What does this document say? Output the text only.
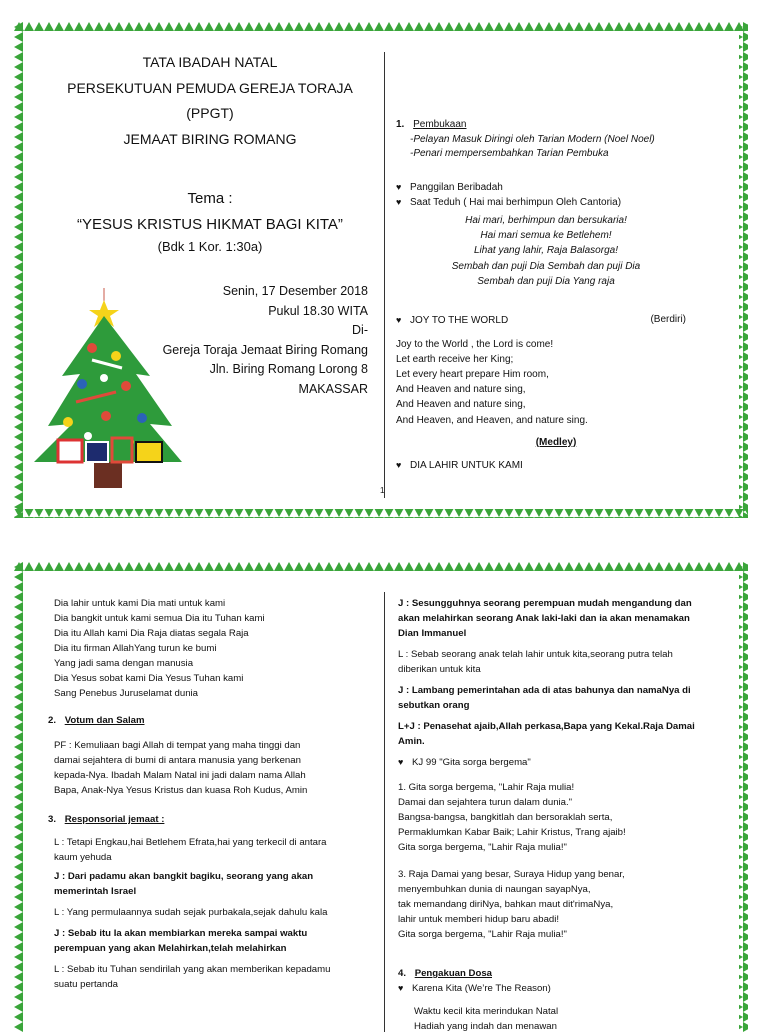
TATA IBADAH NATAL
PERSEKUTUAN PEMUDA GEREJA TORAJA
(PPGT)
JEMAAT BIRING ROMANG
Tema :
“YESUS KRISTUS HIKMAT BAGI KITA”
(Bdk 1 Kor. 1:30a)
Senin, 17 Desember 2018
Pukul 18.30 WITA
Di-
Gereja Toraja Jemaat Biring Romang
Jln. Biring Romang Lorong 8
MAKASSAR
1. Pembukaan
-Pelayan Masuk Diringi oleh Tarian Modern (Noel Noel)
-Penari mempersembahkan Tarian Pembuka
♥ Panggilan Beribadah
♥ Saat Teduh ( Hai mai berhimpun Oleh Cantoria)
Hai mari, berhimpun dan bersukaria!
Hai mari semua ke Betlehem!
Lihat yang lahir, Raja Balasorga!
Sembah dan puji Dia Sembah dan puji Dia
Sembah dan puji Dia Yang raja
♥ JOY TO THE WORLD	(Berdiri)
Joy to the World , the Lord is come!
Let earth receive her King;
Let every heart prepare Him room,
And Heaven and nature sing,
And Heaven and nature sing,
And Heaven, and Heaven, and nature sing.
(Medley)
♥ DIA LAHIR UNTUK KAMI
1
Dia lahir untuk kami Dia mati untuk kami
Dia bangkit untuk kami semua Dia itu Tuhan kami
Dia itu Allah kami Dia Raja diatas segala Raja
Dia itu firman AllahYang turun ke bumi
Yang jadi sama dengan manusia
Dia Yesus sobat kami Dia Yesus Tuhan kami
Sang Penebus Juruselamat dunia
2. Votum dan Salam
PF : Kemuliaan bagi Allah di tempat yang maha tinggi dan
damai sejahtera di bumi di antara manusia yang berkenan
kepada-Nya. Ibadah Malam Natal ini jadi dalam nama Allah
Bapa, Anak-Nya Yesus Kristus dan kuasa Roh Kudus, Amin
3. Responsorial jemaat :
L : Tetapi Engkau,hai Betlehem Efrata,hai yang terkecil di antara
kaum yehuda
J : Dari padamu akan bangkit bagiku, seorang yang akan
memerintah Israel
L : Yang permulaannya sudah sejak purbakala,sejak dahulu kala
J : Sebab itu Ia akan membiarkan mereka sampai waktu
perempuan yang akan Melahirkan,telah melahirkan
L : Sebab itu Tuhan sendirilah yang akan memberikan kepadamu
suatu pertanda
J : Sesungguhnya seorang perempuan mudah mengandung dan
akan melahirkan seorang Anak laki-laki dan ia akan menamakan
Dian Immanuel
L : Sebab seorang anak telah lahir untuk kita,seorang putra telah
diberikan untuk kita
J : Lambang pemerintahan ada di atas bahunya dan namaNya di
sebutkan orang
L+J : Penasehat ajaib,Allah perkasa,Bapa yang Kekal.Raja Damai
Amin.
♥ KJ 99 "Gita sorga bergema"
1. Gita sorga bergema, "Lahir Raja mulia!
Damai dan sejahtera turun dalam dunia."
Bangsa-bangsa, bangkitlah dan bersoraklah serta,
Permaklumkan Kabar Baik; Lahir Kristus, Trang ajaib!
Gita sorga bergema, "Lahir Raja mulia!"
3. Raja Damai yang besar, Suraya Hidup yang benar,
menyembuhkan dunia di naungan sayapNya,
tak memandang diriNya, bahkan maut dit'rimaNya,
lahir untuk memberi hidup baru abadi!
Gita sorga bergema, "Lahir Raja mulia!"
4. Pengakuan Dosa
♥ Karena Kita (We’re The Reason)
Waktu kecil kita merindukan Natal
Hadiah yang indah dan menawan
